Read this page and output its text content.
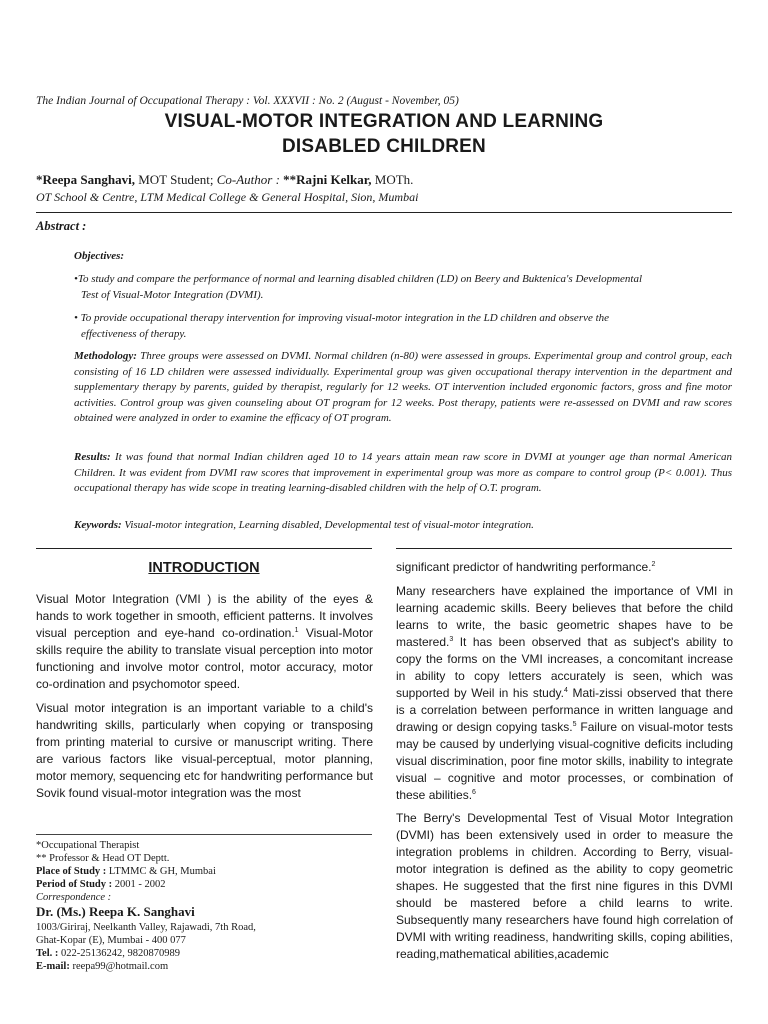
The Indian Journal of Occupational Therapy : Vol. XXXVII : No. 2 (August - November, 05)
VISUAL-MOTOR INTEGRATION AND LEARNING
DISABLED CHILDREN
*Reepa Sanghavi, MOT Student; Co-Author : **Rajni Kelkar, MOTh.
OT School & Centre, LTM Medical College & General Hospital, Sion, Mumbai
Abstract :
Objectives:
•To study and compare the performance of normal and learning disabled children (LD) on Beery and Buktenica's Developmental
Test of Visual-Motor Integration (DVMI).
• To provide occupational therapy intervention for improving visual-motor integration in the LD children and observe the
effectiveness of therapy.
Methodology: Three groups were assessed on DVMI. Normal children (n-80) were assessed in groups. Experimental group and control group, each consisting of 16 LD children were assessed individually. Experimental group was given occupational therapy intervention in the department and supplementary therapy by parents, guided by therapist, regularly for 12 weeks. OT intervention included ergonomic factors, gross and fine motor activities. Control group was given counseling about OT program for 12 weeks. Post therapy, patients were re-assessed on DVMI and raw scores obtained were analyzed in order to examine the efficacy of OT program.
Results: It was found that normal Indian children aged 10 to 14 years attain mean raw score in DVMI at younger age than normal American Children. It was evident from DVMI raw scores that improvement in experimental group was more as compare to control group (P< 0.001). Thus occupational therapy has wide scope in treating learning-disabled children with the help of O.T. program.
Keywords: Visual-motor integration, Learning disabled, Developmental test of visual-motor integration.
INTRODUCTION
Visual Motor Integration (VMI ) is the ability of the eyes & hands to work together in smooth, efficient patterns. It involves visual perception and eye-hand co-ordination.$^1$ Visual-Motor skills require the ability to translate visual perception into motor functioning and involve motor control, motor accuracy, motor co-ordination and psychomotor speed.
Visual motor integration is an important variable to a child's handwriting skills, particularly when copying or transposing from printing material to cursive or manuscript writing. There are various factors like visual-perceptual, motor planning, motor memory, sequencing etc for handwriting performance but Sovik found visual-motor integration was the most
significant predictor of handwriting performance.$^2$
Many researchers have explained the importance of VMI in learning academic skills. Beery believes that before the child learns to write, the basic geometric shapes have to be mastered.$^3$ It has been observed that as subject's ability to copy the forms on the VMI increases, a concomitant increase in ability to copy letters accurately is seen, which was supported by Weil in his study.$^4$ Mati-zissi observed that there is a correlation between performance in written language and drawing or design copying tasks.$^5$ Failure on visual-motor tests may be caused by underlying visual-cognitive deficits including visual discrimination, poor fine motor skills, inability to integrate visual – cognitive and motor processes, or combination of these abilities.$^6$
The Berry's Developmental Test of Visual Motor Integration (DVMI) has been extensively used in order to measure the integration problems in children. According to Berry, visual-motor integration is defined as the ability to copy geometric shapes. He suggested that the first nine figures in this DVMI should be mastered before a child learns to write. Subsequently many researchers have found high correlation of DVMI with writing readiness, handwriting skills, coping abilities, reading,mathematical abilities,academic
*Occupational Therapist
** Professor & Head OT Deptt.
Place of Study : LTMMC & GH, Mumbai
Period of Study : 2001 - 2002
Correspondence :
Dr. (Ms.) Reepa K. Sanghavi
1003/Giriraj, Neelkanth Valley, Rajawadi, 7th Road,
Ghat-Kopar (E), Mumbai - 400 077
Tel. : 022-25136242, 9820870989
E-mail: reepa99@hotmail.com
